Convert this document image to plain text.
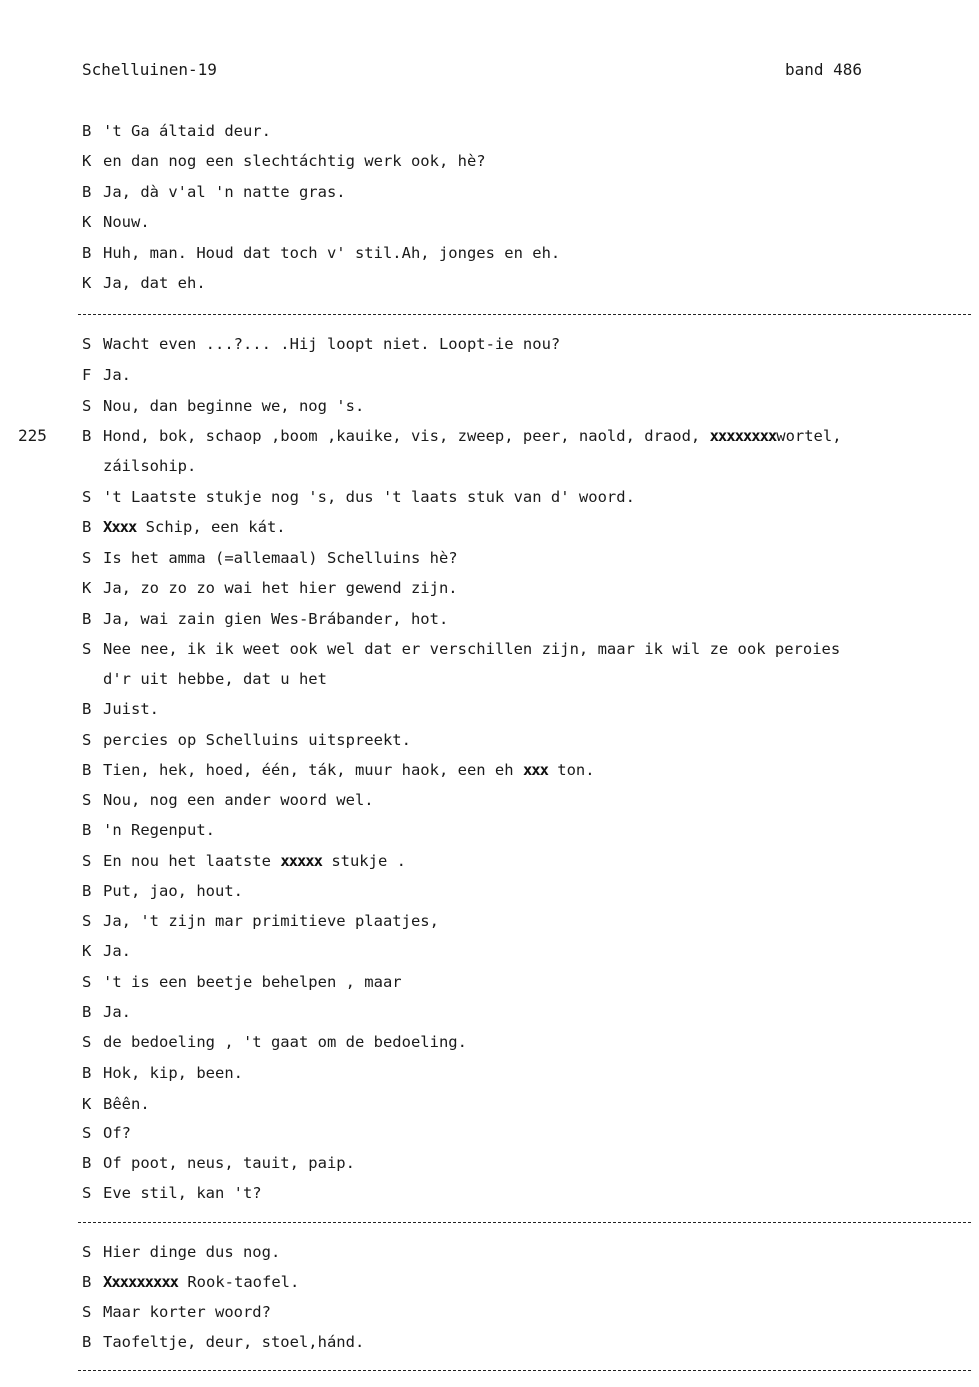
Schelluinen-19	band 486
225
B 't Ga áltaid deur.
K en dan nog een slechtáchtig werk ook, hè?
B Ja, dà v'al 'n natte gras.
K Nouw.
B Huh, man. Houd dat toch v' stil.Ah, jonges en eh.
K Ja, dat eh.
S Wacht even ...?... .Hij loopt niet. Loopt-ie nou?
F Ja.
S Nou, dan beginne we, nog 's.
B Hond, bok, schaop ,boom ,kauike, vis, zweep, peer, naold, draod, xxxxxxxxwortel,
záilsohip.
S 't Laatste stukje nog 's, dus 't laats stuk van d' woord.
B Xxxx Schip, een kát.
S Is het amma (=allemaal) Schelluins hè?
K Ja, zo zo zo wai het hier gewend zijn.
B Ja, wai zain gien Wes-Brábander, hot.
S Nee nee, ik ik weet ook wel dat er verschillen zijn, maar ik wil ze ook peroies
d'r uit hebbe, dat u het
B Juist.
S percies op Schelluins uitspreekt.
B Tien, hek, hoed, één, ták, muur haok, een eh xxx ton.
S Nou, nog een ander woord wel.
B 'n Regenput.
S En nou het laatste xxxxx stukje .
B Put, jao, hout.
S Ja, 't zijn mar primitieve plaatjes,
K Ja.
S 't is een beetje behelpen , maar
B Ja.
S de bedoeling , 't gaat om de bedoeling.
B Hok, kip, been.
K Bêên.
S Of?
B Of poot, neus, tauit, paip.
S Eve stil, kan 't?
S Hier dinge dus nog.
B Xxxxxxxxx Rook-taofel.
S Maar korter woord?
B Taofeltje, deur, stoel,hánd.
